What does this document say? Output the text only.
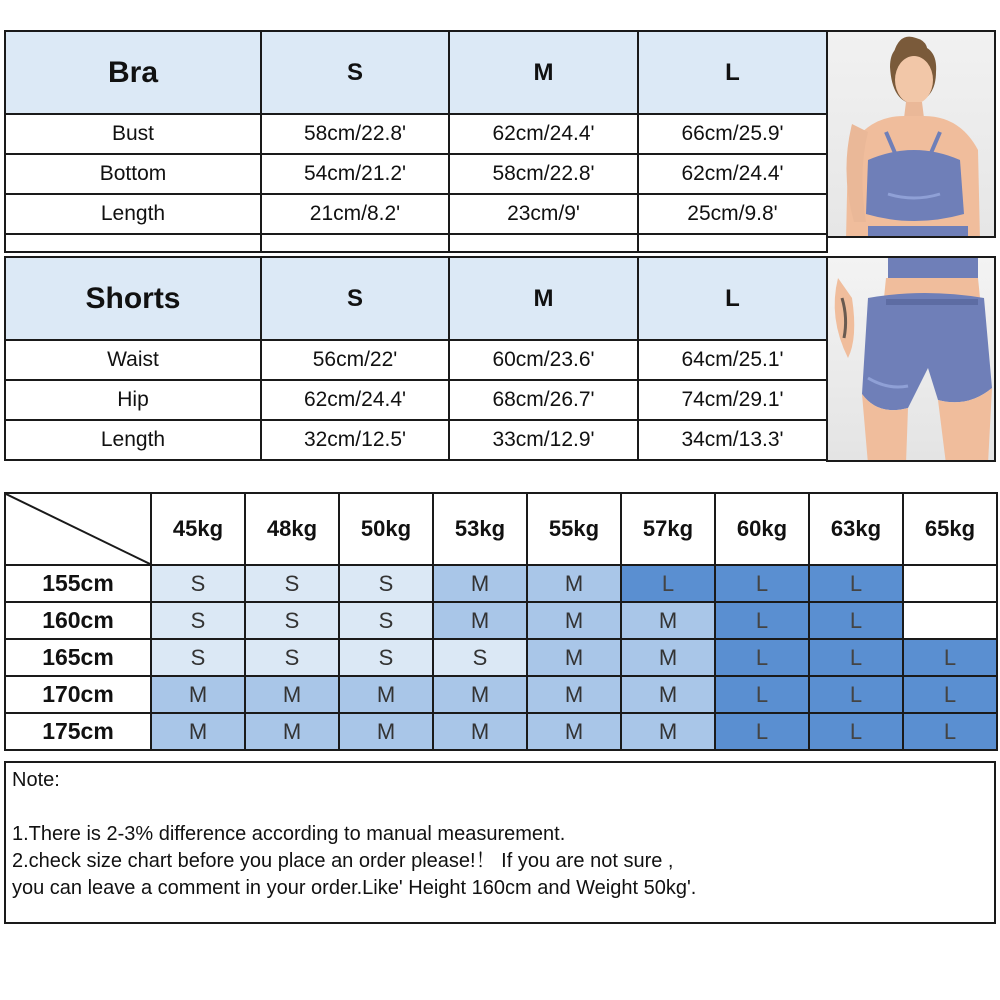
Bra	S	M	L
Bust	58cm/22.8'	62cm/24.4'	66cm/25.9'
Bottom	54cm/21.2'	58cm/22.8'	62cm/24.4'
Length	21cm/8.2'	23cm/9'	25cm/9.8'

Shorts	S	M	L
Waist	56cm/22'	60cm/23.6'	64cm/25.1'
Hip	62cm/24.4'	68cm/26.7'	74cm/29.1'
Length	32cm/12.5'	33cm/12.9'	34cm/13.3'
	45kg	48kg	50kg	53kg	55kg	57kg	60kg	63kg	65kg
155cm	S	S	S	M	M	L	L	L	
160cm	S	S	S	M	M	M	L	L	
165cm	S	S	S	S	M	M	L	L	L
170cm	M	M	M	M	M	M	L	L	L
175cm	M	M	M	M	M	M	L	L	L
Note:

1.There is 2-3% difference according to manual measurement.
2.check size chart before you place an order please!！ If you are not sure ,
you can leave a comment in your order.Like' Height 160cm and Weight 50kg'.
